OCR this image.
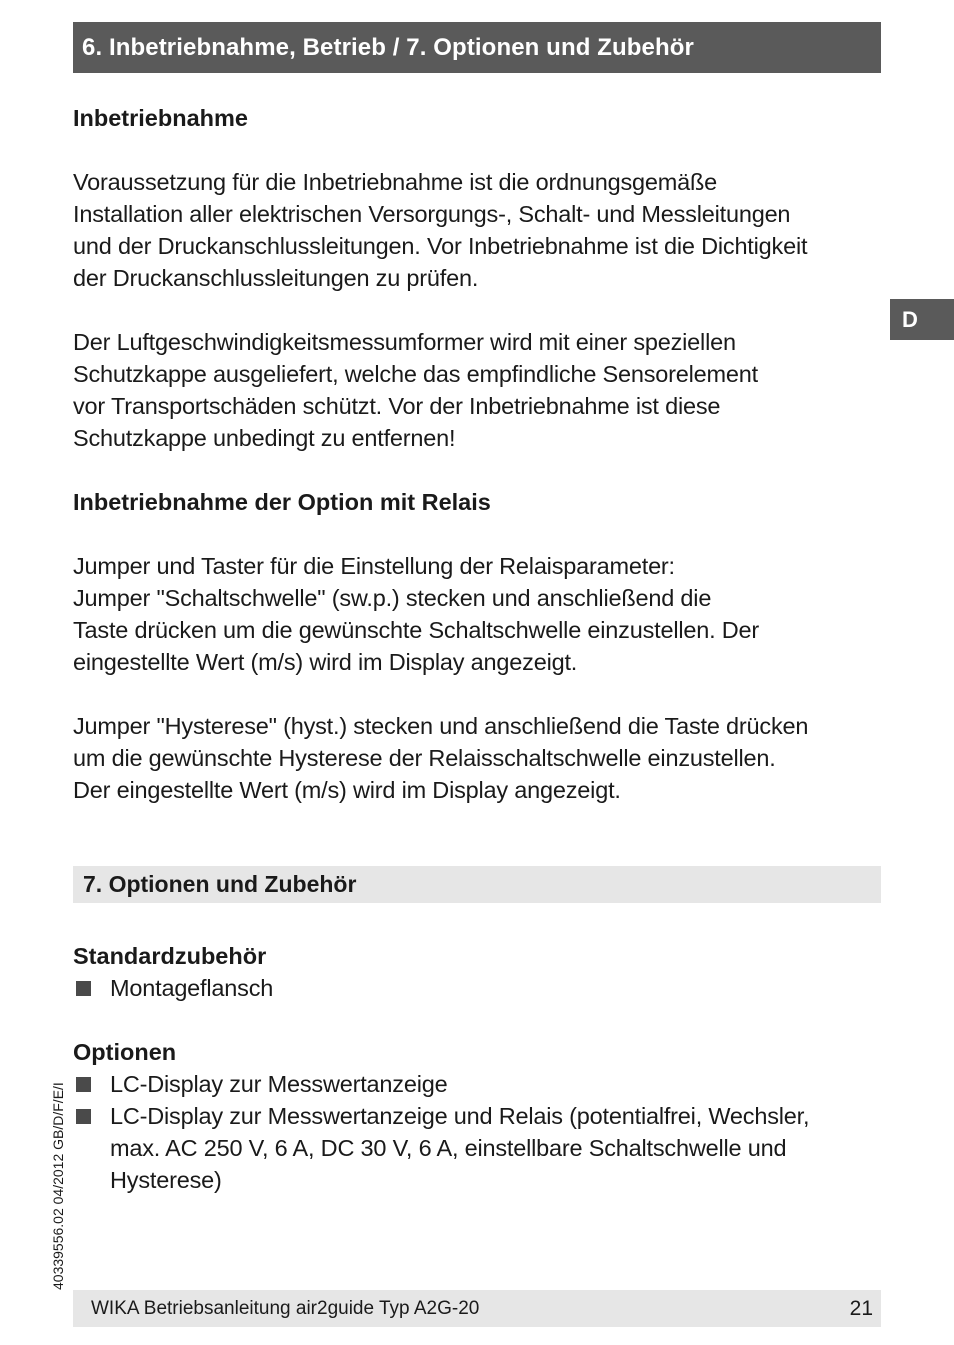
6. Inbetriebnahme, Betrieb / 7. Optionen und Zubehör
D

Inbetriebnahme

Voraussetzung für die Inbetriebnahme ist die ordnungsgemäße

Installation aller elektrischen Versorgungs-, Schalt- und Messleitungen

und der Druckanschlussleitungen. Vor Inbetriebnahme ist die Dichtigkeit

der Druckanschlussleitungen zu prüfen.

Der Luftgeschwindigkeitsmessumformer wird mit einer speziellen

Schutzkappe ausgeliefert, welche das empfindliche Sensorelement

vor Transportschäden schützt. Vor der Inbetriebnahme ist diese

Schutzkappe unbedingt zu entfernen!

Inbetriebnahme der Option mit Relais

Jumper und Taster für die Einstellung der Relaisparameter:

Jumper "Schaltschwelle" (sw.p.) stecken und anschließend die

Taste drücken um die gewünschte Schaltschwelle einzustellen. Der

eingestellte Wert (m/s) wird im Display angezeigt.

Jumper "Hysterese" (hyst.) stecken und anschließend die Taste drücken

um die gewünschte Hysterese der Relaisschaltschwelle einzustellen.

Der eingestellte Wert (m/s) wird im Display angezeigt.

7. Optionen und Zubehör

Standardzubehör

Montageflansch

Optionen

LC-Display zur Messwertanzeige
LC-Display zur Messwertanzeige und Relais (potentialfrei, Wechsler,
max. AC 250 V, 6 A, DC 30 V, 6 A, einstellbare Schaltschwelle und
Hysterese)
40339556.02 04/2012 GB/D/F/E/I
WIKA Betriebsanleitung air2guide Typ A2G-20	21
